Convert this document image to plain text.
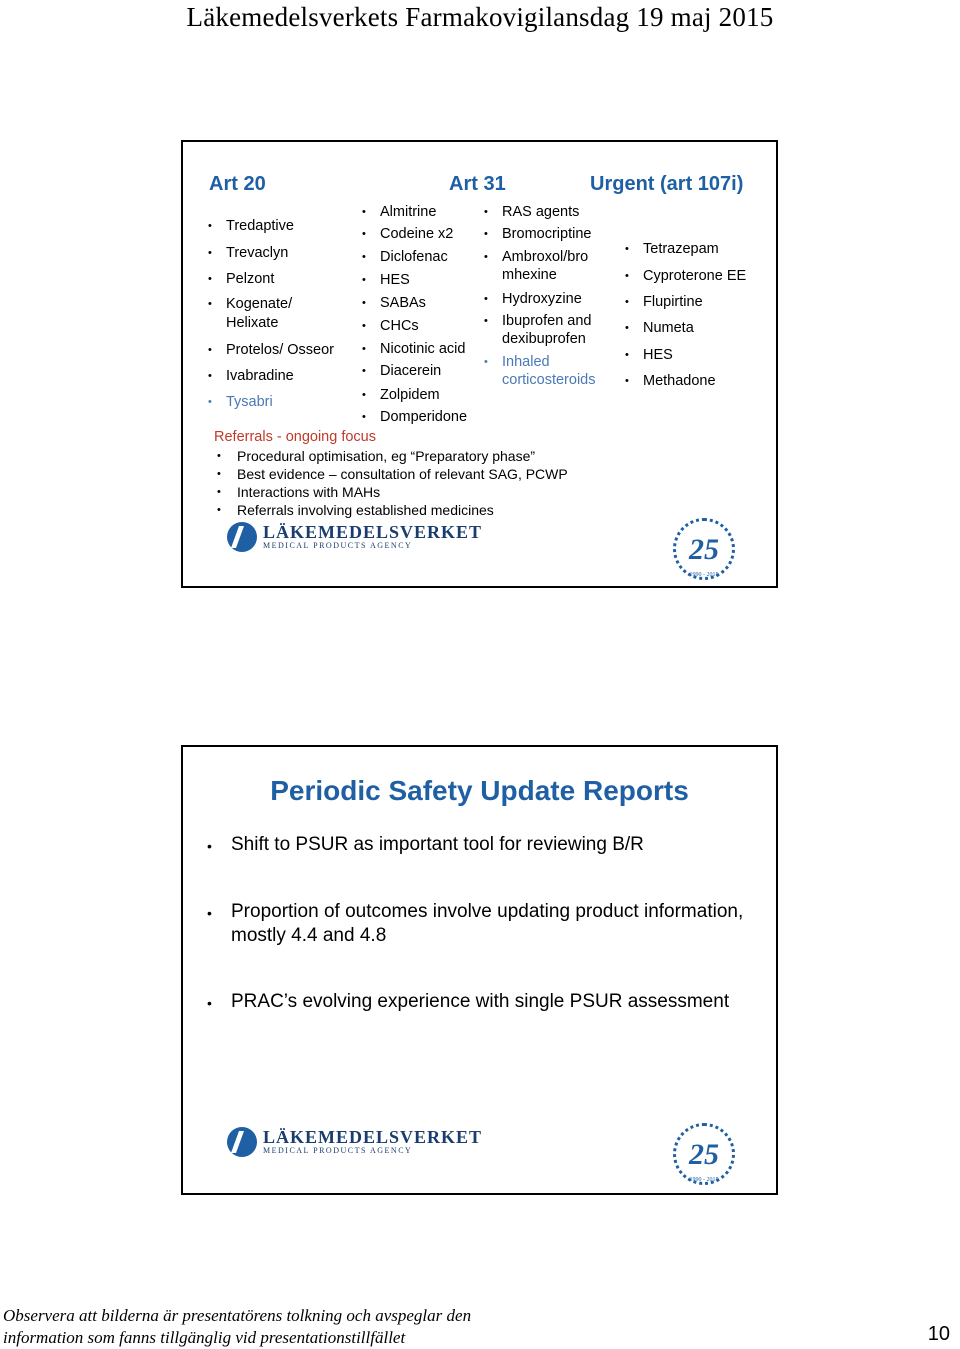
Läkemedelsverkets Farmakovigilansdag 19 maj 2015
Art 20	Art 31	Urgent (art 107i)
• Tredaptive
• Trevaclyn
• Pelzont
• Kogenate/
Helixate
• Protelos/ Osseor
• Ivabradine
• Tysabri
• Almitrine
• Codeine x2
• Diclofenac
• HES
• SABAs
• CHCs
• Nicotinic acid
• Diacerein
• Zolpidem
• Domperidone
• RAS agents
• Bromocriptine
• Ambroxol/bro
mhexine
• Hydroxyzine
• Ibuprofen and
dexibuprofen
• Inhaled
corticosteroids
• Tetrazepam
• Cyproterone EE
• Flupirtine
• Numeta
• HES
• Methadone
Referrals - ongoing focus
• Procedural optimisation, eg “Preparatory phase”
• Best evidence – consultation of relevant SAG, PCWP
• Interactions with MAHs
• Referrals involving established medicines
LÄKEMEDELSVERKET
MEDICAL PRODUCTS AGENCY	25
1990 - 2015
Periodic Safety Update Reports
• Shift to PSUR as important tool for reviewing B/R
• Proportion of outcomes involve updating product information, mostly 4.4 and 4.8
• PRAC’s evolving experience with single PSUR assessment
LÄKEMEDELSVERKET
MEDICAL PRODUCTS AGENCY	25
1990 - 2015
Observera att bilderna är presentatörens tolkning och avspeglar den
information som fanns tillgänglig vid presentationstillfället	10
